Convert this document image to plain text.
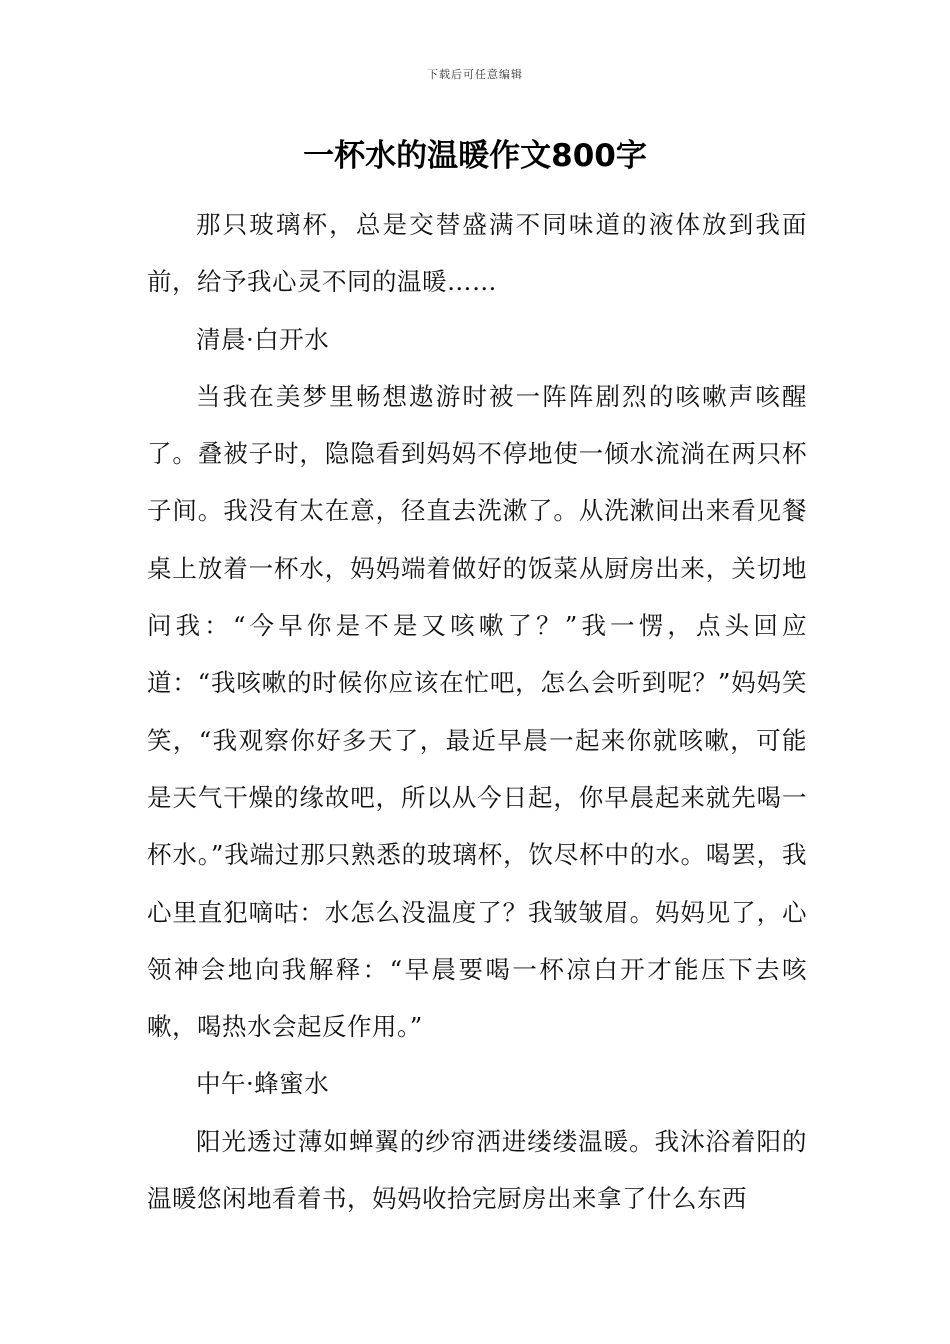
下载后可任意编辑
一杯水的温暖作文800字

那只玻璃杯，总是交替盛满不同味道的液体放到我面前，给予我心灵不同的温暖……

清晨·白开水

当我在美梦里畅想遨游时被一阵阵剧烈的咳嗽声咳醒了。叠被子时，隐隐看到妈妈不停地使一倾水流淌在两只杯子间。我没有太在意，径直去洗漱了。从洗漱间出来看见餐桌上放着一杯水，妈妈端着做好的饭菜从厨房出来，关切地问我：“今早你是不是又咳嗽了？”我一愣，点头回应道：“我咳嗽的时候你应该在忙吧，怎么会听到呢？”妈妈笑笑，“我观察你好多天了，最近早晨一起来你就咳嗽，可能是天气干燥的缘故吧，所以从今日起，你早晨起来就先喝一杯水。”我端过那只熟悉的玻璃杯，饮尽杯中的水。喝罢，我心里直犯嘀咕：水怎么没温度了？我皱皱眉。妈妈见了，心领神会地向我解释：“早晨要喝一杯凉白开才能压下去咳嗽，喝热水会起反作用。”

中午·蜂蜜水

阳光透过薄如蝉翼的纱帘洒进缕缕温暖。我沐浴着阳的温暖悠闲地看着书，妈妈收拾完厨房出来拿了什么东西
